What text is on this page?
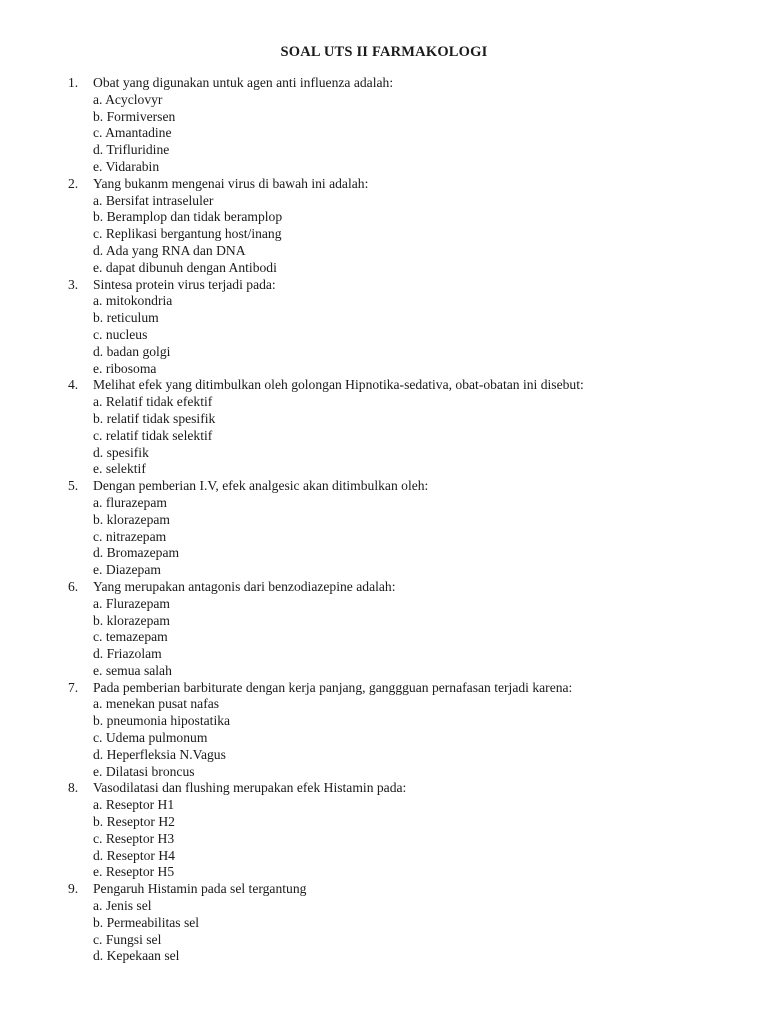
SOAL UTS II FARMAKOLOGI
1.	Obat yang digunakan untuk agen anti influenza adalah:
a. Acyclovyr
b. Formiversen
c. Amantadine
d. Trifluridine
e. Vidarabin
2.	Yang bukanm mengenai virus di bawah ini adalah:
a. Bersifat intraseluler
b. Beramplop dan tidak beramplop
c. Replikasi bergantung host/inang
d. Ada yang RNA dan DNA
e. dapat dibunuh dengan Antibodi
3.	Sintesa protein virus terjadi pada:
a. mitokondria
b. reticulum
c. nucleus
d. badan golgi
e. ribosoma
4.	Melihat efek yang ditimbulkan oleh golongan Hipnotika-sedativa, obat-obatan ini disebut:
a. Relatif tidak efektif
b. relatif tidak spesifik
c. relatif tidak selektif
d. spesifik
e. selektif
5.	Dengan pemberian I.V, efek analgesic akan ditimbulkan oleh:
a. flurazepam
b. klorazepam
c. nitrazepam
d. Bromazepam
e. Diazepam
6.	Yang merupakan antagonis dari benzodiazepine adalah:
a. Flurazepam
b. klorazepam
c. temazepam
d. Friazolam
e. semua salah
7.	Pada pemberian barbiturate dengan kerja panjang, ganggguan pernafasan terjadi karena:
a. menekan pusat nafas
b. pneumonia hipostatika
c. Udema pulmonum
d. Heperfleksia N.Vagus
e. Dilatasi broncus
8.	Vasodilatasi dan flushing merupakan efek Histamin pada:
a. Reseptor H1
b. Reseptor H2
c. Reseptor H3
d. Reseptor H4
e. Reseptor H5
9.	Pengaruh Histamin pada sel tergantung
a. Jenis sel
b. Permeabilitas sel
c. Fungsi sel
d. Kepekaan sel
